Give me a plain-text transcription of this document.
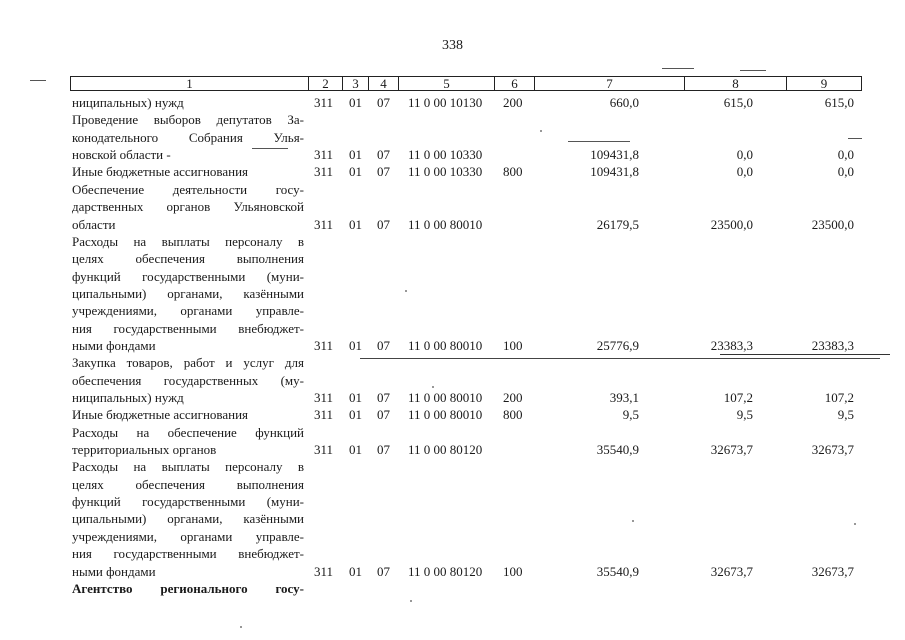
338
1	2	3	4	5	6	7	8	9
ниципальных) нужд	311 01 07 11 0 00 10130 200	660,0	615,0	615,0
Проведение выборов депутатов За-
конодательного Собрания Улья-
новской области -	311 01 07 11 0 00 10330	109431,8	0,0	0,0
Иные бюджетные ассигнования	311 01 07 11 0 00 10330 800	109431,8	0,0	0,0
Обеспечение деятельности госу-
дарственных органов Ульяновской
области	311 01 07 11 0 00 80010	26179,5	23500,0	23500,0
Расходы на выплаты персоналу в
целях обеспечения выполнения
функций государственными (муни-
ципальными) органами, казёнными
учреждениями, органами управле-
ния государственными внебюджет-
ными фондами	311 01 07 11 0 00 80010 100	25776,9	23383,3	23383,3
Закупка товаров, работ и услуг для
обеспечения государственных (му-
ниципальных) нужд	311 01 07 11 0 00 80010 200	393,1	107,2	107,2
Иные бюджетные ассигнования	311 01 07 11 0 00 80010 800	9,5	9,5	9,5
Расходы на обеспечение функций
территориальных органов	311 01 07 11 0 00 80120	35540,9	32673,7	32673,7
Расходы на выплаты персоналу в
целях обеспечения выполнения
функций государственными (муни-
ципальными) органами, казёнными
учреждениями, органами управле-
ния государственными внебюджет-
ными фондами	311 01 07 11 0 00 80120 100	35540,9	32673,7	32673,7
Агентство регионального госу-
